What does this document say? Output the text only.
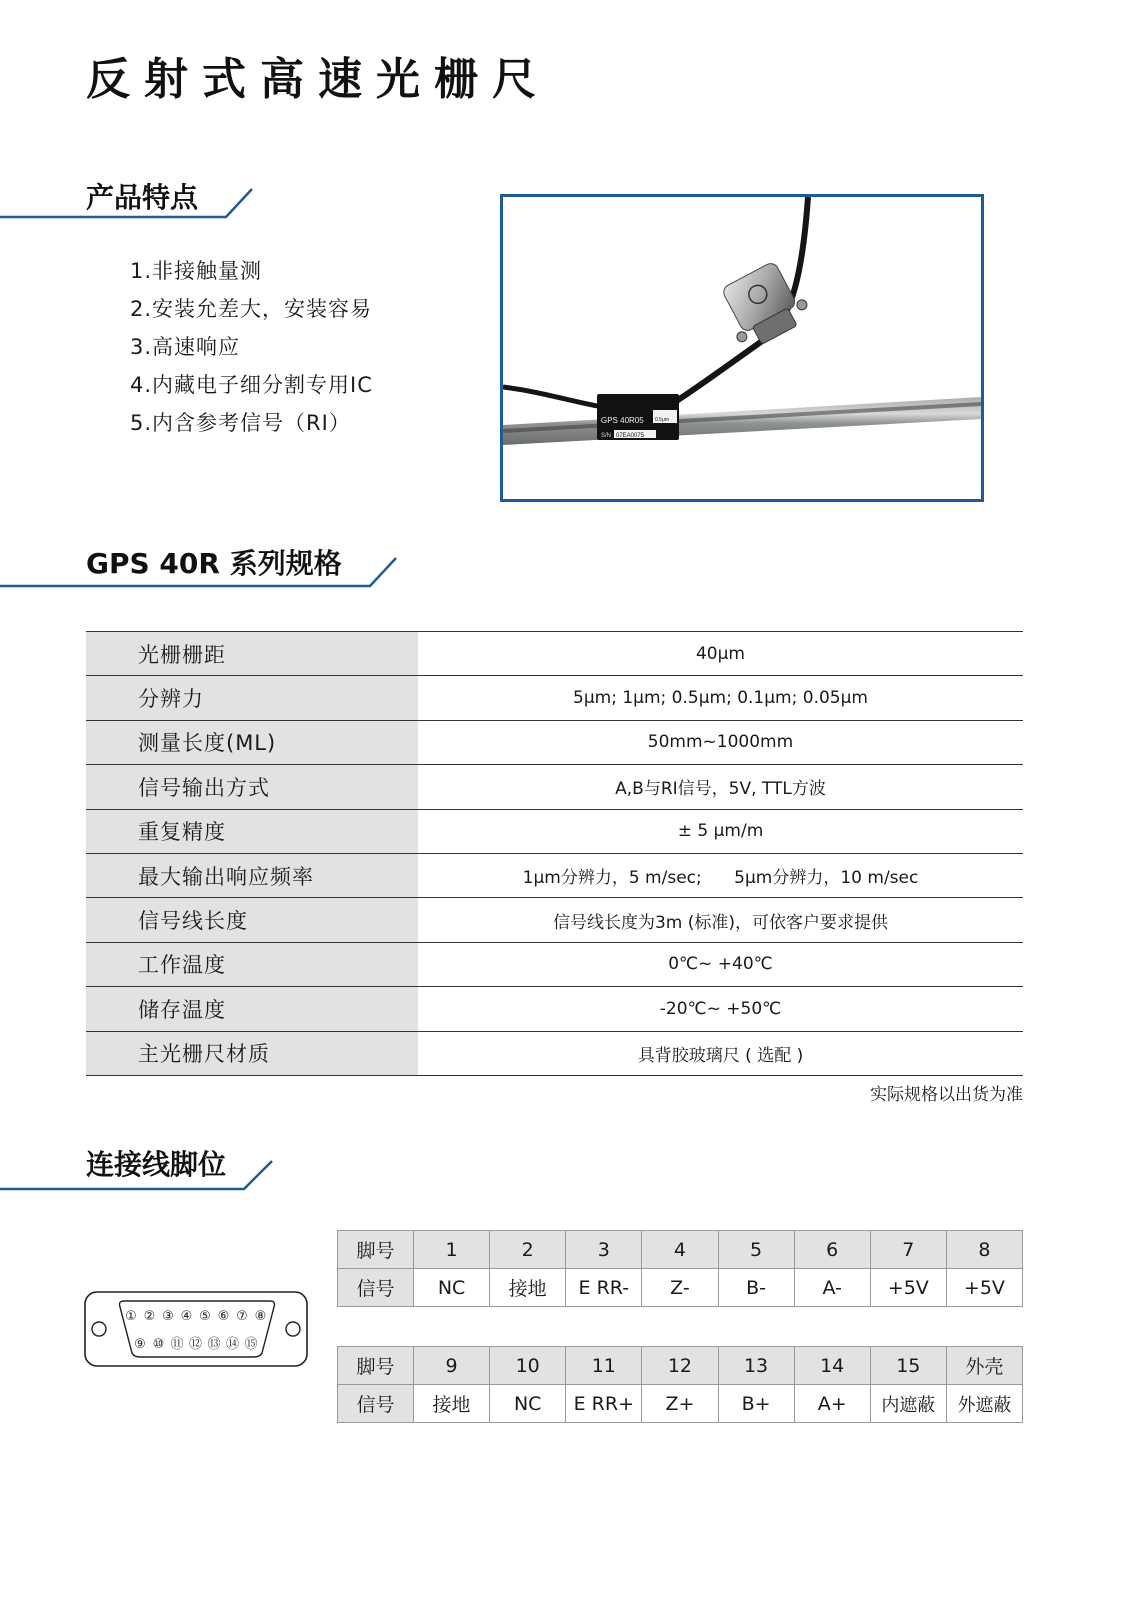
反射式高速光栅尺
产品特点
1.非接触量测
2.安装允差大，安装容易
3.高速响应
4.内藏电子细分割专用IC
5.内含参考信号（RI）	GPS 40R05 0.5μm
S/N 07EA0075
GPS 40R 系列规格
光栅栅距	40μm
分辨力	5μm; 1μm; 0.5μm; 0.1μm; 0.05μm
测量长度(ML)	50mm~1000mm
信号输出方式	A,B与RI信号，5V, TTL方波
重复精度	± 5 μm/m
最大输出响应频率	1μm分辨力，5 m/sec;      5μm分辨力，10 m/sec
信号线长度	信号线长度为3m (标准)，可依客户要求提供
工作温度	0℃~ +40℃
储存温度	-20℃~ +50℃
主光栅尺材质	具背胶玻璃尺 ( 选配 )
实际规格以出货为准
连接线脚位
① ② ③ ④ ⑤ ⑥ ⑦ ⑧
⑨ ⑩ ⑪ ⑫ ⑬ ⑭ ⑮
脚号	1	2	3	4	5	6	7	8
信号	NC	接地	E RR-	Z-	B-	A-	+5V	+5V
脚号	9	10	11	12	13	14	15	外壳
信号	接地	NC	E RR+	Z+	B+	A+	内遮蔽	外遮蔽
